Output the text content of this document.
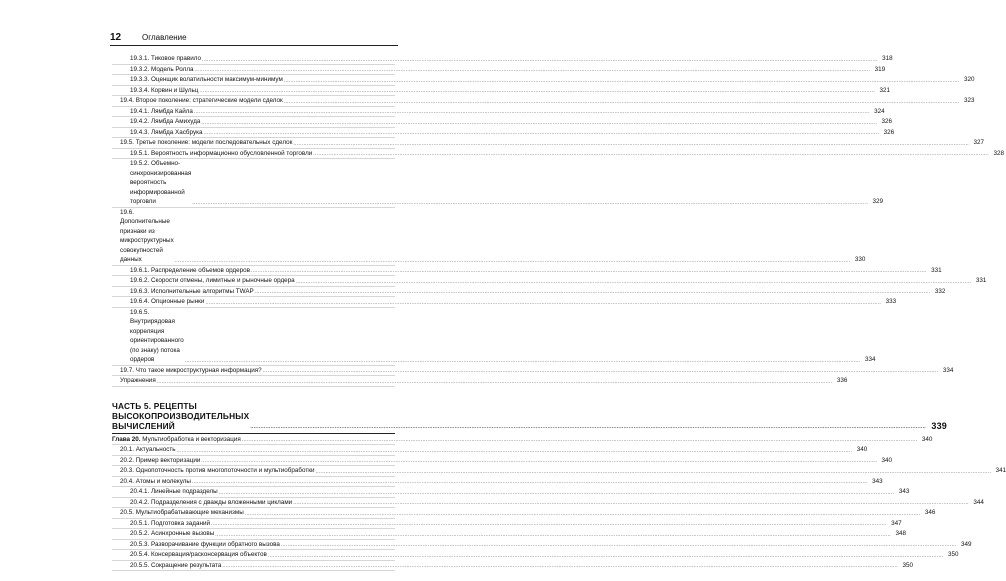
12	Оглавление
19.3.1. Тиковое правило ................................................................................................................................................................................................................................................................................................................................................................................................................ 318
19.3.2. Модель Ролла ................................................................................................................................................................................................................................................................................................................................................................................................................ 319
19.3.3. Оценщик волатильности максимум-минимум ................................................................................................................................................................................................................................................................................................................................................................................................................ 320
19.3.4. Корвин и Шульц ................................................................................................................................................................................................................................................................................................................................................................................................................ 321
19.4. Второе поколение: стратегические модели сделок ................................................................................................................................................................................................................................................................................................................................................................................................................ 323
19.4.1. Лямбда Кайла ................................................................................................................................................................................................................................................................................................................................................................................................................ 324
19.4.2. Лямбда Амихуда ................................................................................................................................................................................................................................................................................................................................................................................................................ 326
19.4.3. Лямбда Хасбрука ................................................................................................................................................................................................................................................................................................................................................................................................................ 326
19.5. Третье поколение: модели последовательных сделок ................................................................................................................................................................................................................................................................................................................................................................................................................ 327
19.5.1. Вероятность информационно обусловленной торговли ................................................................................................................................................................................................................................................................................................................................................................................................................ 328
19.5.2. Объемно-синхронизированная вероятность информированной торговли	................................................................................................................................................................................................................................................................................................................................................................................................................ 329
19.6. Дополнительные признаки из микроструктурных совокупностей данных	................................................................................................................................................................................................................................................................................................................................................................................................................ 330
19.6.1. Распределение объемов ордеров ................................................................................................................................................................................................................................................................................................................................................................................................................ 331
19.6.2. Скорости отмены, лимитные и рыночные ордера ................................................................................................................................................................................................................................................................................................................................................................................................................ 331
19.6.3. Исполнительные алгоритмы TWAP ................................................................................................................................................................................................................................................................................................................................................................................................................ 332
19.6.4. Опционные рынки ................................................................................................................................................................................................................................................................................................................................................................................................................ 333
19.6.5. Внутрирядовая корреляция ориентированного (по знаку) потока ордеров	................................................................................................................................................................................................................................................................................................................................................................................................................ 334
19.7. Что такое микроструктурная информация? ................................................................................................................................................................................................................................................................................................................................................................................................................ 334
Упражнения ................................................................................................................................................................................................................................................................................................................................................................................................................ 336
ЧАСТЬ 5. РЕЦЕПТЫ ВЫСОКОПРОИЗВОДИТЕЛЬНЫХ ВЫЧИСЛЕНИЙ	................................................................................................................................................................................................................................................................................................................................................................................................................ 339
Глава 20. Мультиобработка и векторизация ................................................................................................................................................................................................................................................................................................................................................................................................................ 340
20.1. Актуальность ................................................................................................................................................................................................................................................................................................................................................................................................................ 340
20.2. Пример векторизации ................................................................................................................................................................................................................................................................................................................................................................................................................ 340
20.3. Однопоточность против многопоточности и мультиобработки ................................................................................................................................................................................................................................................................................................................................................................................................................ 341
20.4. Атомы и молекулы ................................................................................................................................................................................................................................................................................................................................................................................................................ 343
20.4.1. Линейные подразделы ................................................................................................................................................................................................................................................................................................................................................................................................................ 343
20.4.2. Подразделения с дважды вложенными циклами ................................................................................................................................................................................................................................................................................................................................................................................................................ 344
20.5. Мультиобрабатывающие механизмы ................................................................................................................................................................................................................................................................................................................................................................................................................ 346
20.5.1. Подготовка заданий ................................................................................................................................................................................................................................................................................................................................................................................................................ 347
20.5.2. Асинхронные вызовы ................................................................................................................................................................................................................................................................................................................................................................................................................ 348
20.5.3. Разворачивание функции обратного вызова ................................................................................................................................................................................................................................................................................................................................................................................................................ 349
20.5.4. Консервация/расконсервация объектов ................................................................................................................................................................................................................................................................................................................................................................................................................ 350
20.5.5. Сокращение результата ................................................................................................................................................................................................................................................................................................................................................................................................................ 350
